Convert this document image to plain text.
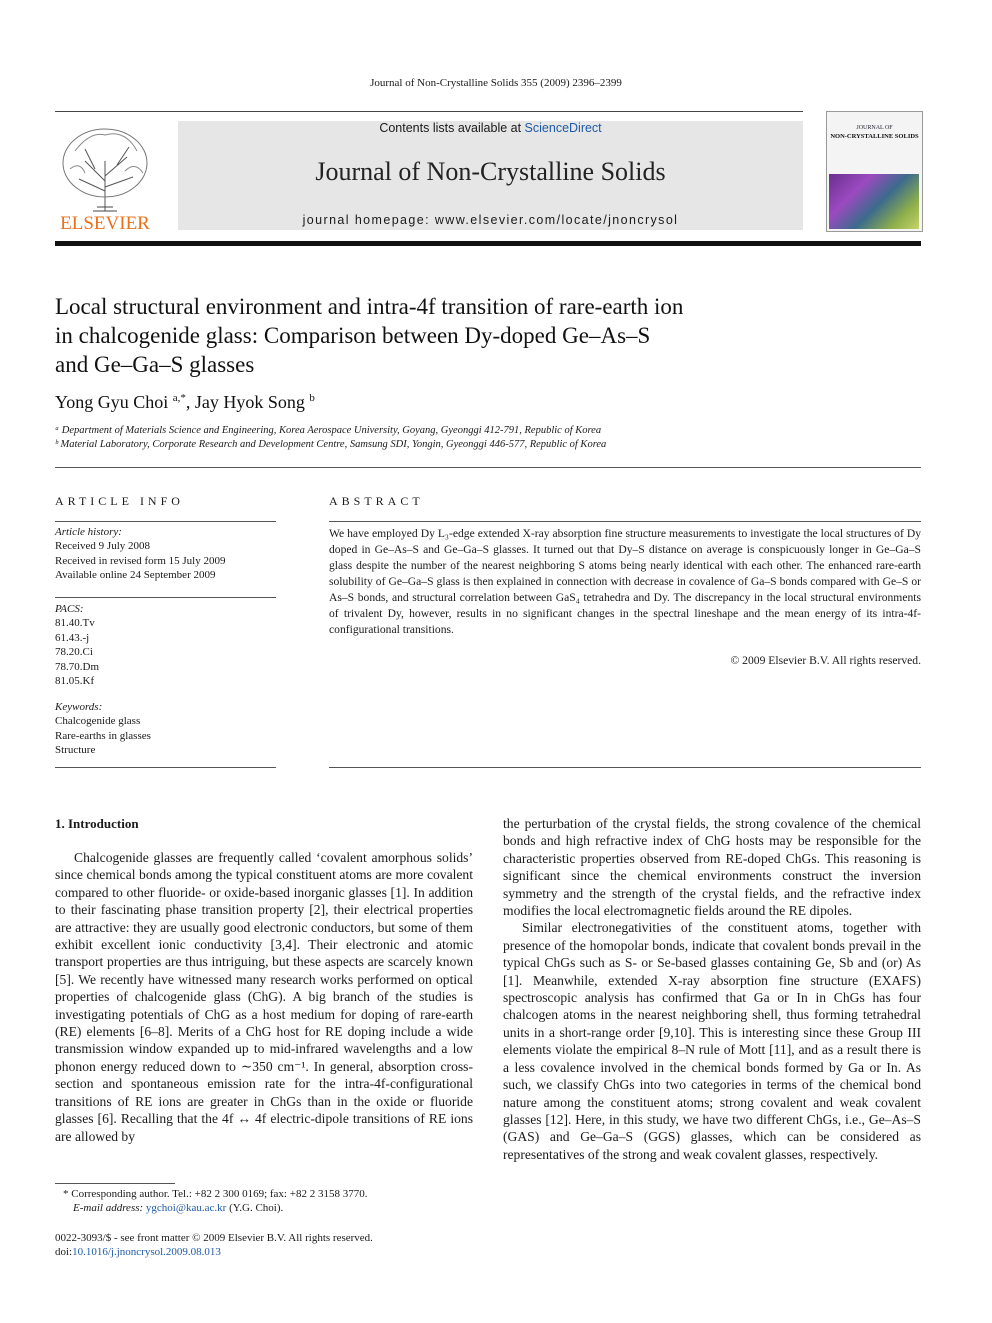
Journal of Non-Crystalline Solids 355 (2009) 2396–2399
ELSEVIER
Contents lists available at ScienceDirect
Journal of Non-Crystalline Solids
journal homepage: www.elsevier.com/locate/jnoncrysol
JOURNAL OF
NON-CRYSTALLINE SOLIDS
Local structural environment and intra-4f transition of rare-earth ion
in chalcogenide glass: Comparison between Dy-doped Ge–As–S
and Ge–Ga–S glasses
Yong Gyu Choi $^{a,*}$, Jay Hyok Song $^b$
ᵃ Department of Materials Science and Engineering, Korea Aerospace University, Goyang, Gyeonggi 412-791, Republic of Korea
ᵇ Material Laboratory, Corporate Research and Development Centre, Samsung SDI, Yongin, Gyeonggi 446-577, Republic of Korea
ARTICLE INFO
Article history:
Received 9 July 2008
Received in revised form 15 July 2009
Available online 24 September 2009
PACS:
81.40.Tv
61.43.-j
78.20.Ci
78.70.Dm
81.05.Kf
Keywords:
Chalcogenide glass
Rare-earths in glasses
Structure
ABSTRACT
We have employed Dy L₃-edge extended X-ray absorption fine structure measurements to investigate the local structures of Dy doped in Ge–As–S and Ge–Ga–S glasses. It turned out that Dy–S distance on average is conspicuously longer in Ge–Ga–S glass despite the number of the nearest neighboring S atoms being nearly identical with each other. The enhanced rare-earth solubility of Ge–Ga–S glass is then explained in connection with decrease in covalence of Ga–S bonds compared with Ge–S or As–S bonds, and structural correlation between GaS₄ tetrahedra and Dy. The discrepancy in the local structural environments of trivalent Dy, however, results in no significant changes in the spectral lineshape and the mean energy of its intra-4f-configurational transitions.
© 2009 Elsevier B.V. All rights reserved.
1. Introduction

Chalcogenide glasses are frequently called ‘covalent amorphous solids’ since chemical bonds among the typical constituent atoms are more covalent compared to other fluoride- or oxide-based inorganic glasses [1]. In addition to their fascinating phase transition property [2], their electrical properties are attractive: they are usually good electronic conductors, but some of them exhibit excellent ionic conductivity [3,4]. Their electronic and atomic transport properties are thus intriguing, but these aspects are scarcely known [5]. We recently have witnessed many research works performed on optical properties of chalcogenide glass (ChG). A big branch of the studies is investigating potentials of ChG as a host medium for doping of rare-earth (RE) elements [6–8]. Merits of a ChG host for RE doping include a wide transmission window expanded up to mid-infrared wavelengths and a low phonon energy reduced down to ∼350 cm⁻¹. In general, absorption cross-section and spontaneous emission rate for the intra-4f-configurational transitions of RE ions are greater in ChGs than in the oxide or fluoride glasses [6]. Recalling that the 4f ↔ 4f electric-dipole transitions of RE ions are allowed by

the perturbation of the crystal fields, the strong covalence of the chemical bonds and high refractive index of ChG hosts may be responsible for the characteristic properties observed from RE-doped ChGs. This reasoning is significant since the chemical environments construct the inversion symmetry and the strength of the crystal fields, and the refractive index modifies the local electromagnetic fields around the RE dipoles.

Similar electronegativities of the constituent atoms, together with presence of the homopolar bonds, indicate that covalent bonds prevail in the typical ChGs such as S- or Se-based glasses containing Ge, Sb and (or) As [1]. Meanwhile, extended X-ray absorption fine structure (EXAFS) spectroscopic analysis has confirmed that Ga or In in ChGs has four chalcogen atoms in the nearest neighboring shell, thus forming tetrahedral units in a short-range order [9,10]. This is interesting since these Group III elements violate the empirical 8–N rule of Mott [11], and as a result there is a less covalence involved in the chemical bonds formed by Ga or In. As such, we classify ChGs into two categories in terms of the chemical bond nature among the constituent atoms; strong covalent and weak covalent glasses [12]. Here, in this study, we have two different ChGs, i.e., Ge–As–S (GAS) and Ge–Ga–S (GGS) glasses, which can be considered as representatives of the strong and weak covalent glasses, respectively.

* Corresponding author. Tel.: +82 2 300 0169; fax: +82 2 3158 3770.
E-mail address: ygchoi@kau.ac.kr (Y.G. Choi).
0022-3093/$ - see front matter © 2009 Elsevier B.V. All rights reserved.
doi:10.1016/j.jnoncrysol.2009.08.013
